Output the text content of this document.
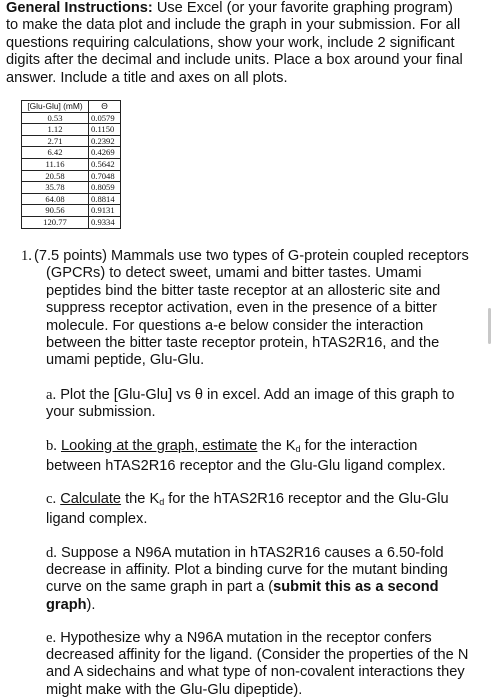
General Instructions: Use Excel (or your favorite graphing program) to make the data plot and include the graph in your submission. For all questions requiring calculations, show your work, include 2 significant digits after the decimal and include units. Place a box around your final answer. Include a title and axes on all plots.
[Glu-Glu] (mM)	Θ
0.53	0.0579
1.12	0.1150
2.71	0.2392
6.42	0.4269
11.16	0.5642
20.58	0.7048
35.78	0.8059
64.08	0.8814
90.56	0.9131
120.77	0.9334
1. (7.5 points) Mammals use two types of G-protein coupled receptors (GPCRs) to detect sweet, umami and bitter tastes. Umami peptides bind the bitter taste receptor at an allosteric site and suppress receptor activation, even in the presence of a bitter molecule. For questions a-e below consider the interaction between the bitter taste receptor protein, hTAS2R16, and the umami peptide, Glu-Glu.
a. Plot the [Glu-Glu] vs θ in excel. Add an image of this graph to your submission.
b. Looking at the graph, estimate the $K_d$ for the interaction between hTAS2R16 receptor and the Glu-Glu ligand complex.
c. Calculate the $K_d$ for the hTAS2R16 receptor and the Glu-Glu ligand complex.
d. Suppose a N96A mutation in hTAS2R16 causes a 6.50-fold decrease in affinity. Plot a binding curve for the mutant binding curve on the same graph in part a (submit this as a second graph).
e. Hypothesize why a N96A mutation in the receptor confers decreased affinity for the ligand. (Consider the properties of the N and A sidechains and what type of non-covalent interactions they might make with the Glu-Glu dipeptide).
